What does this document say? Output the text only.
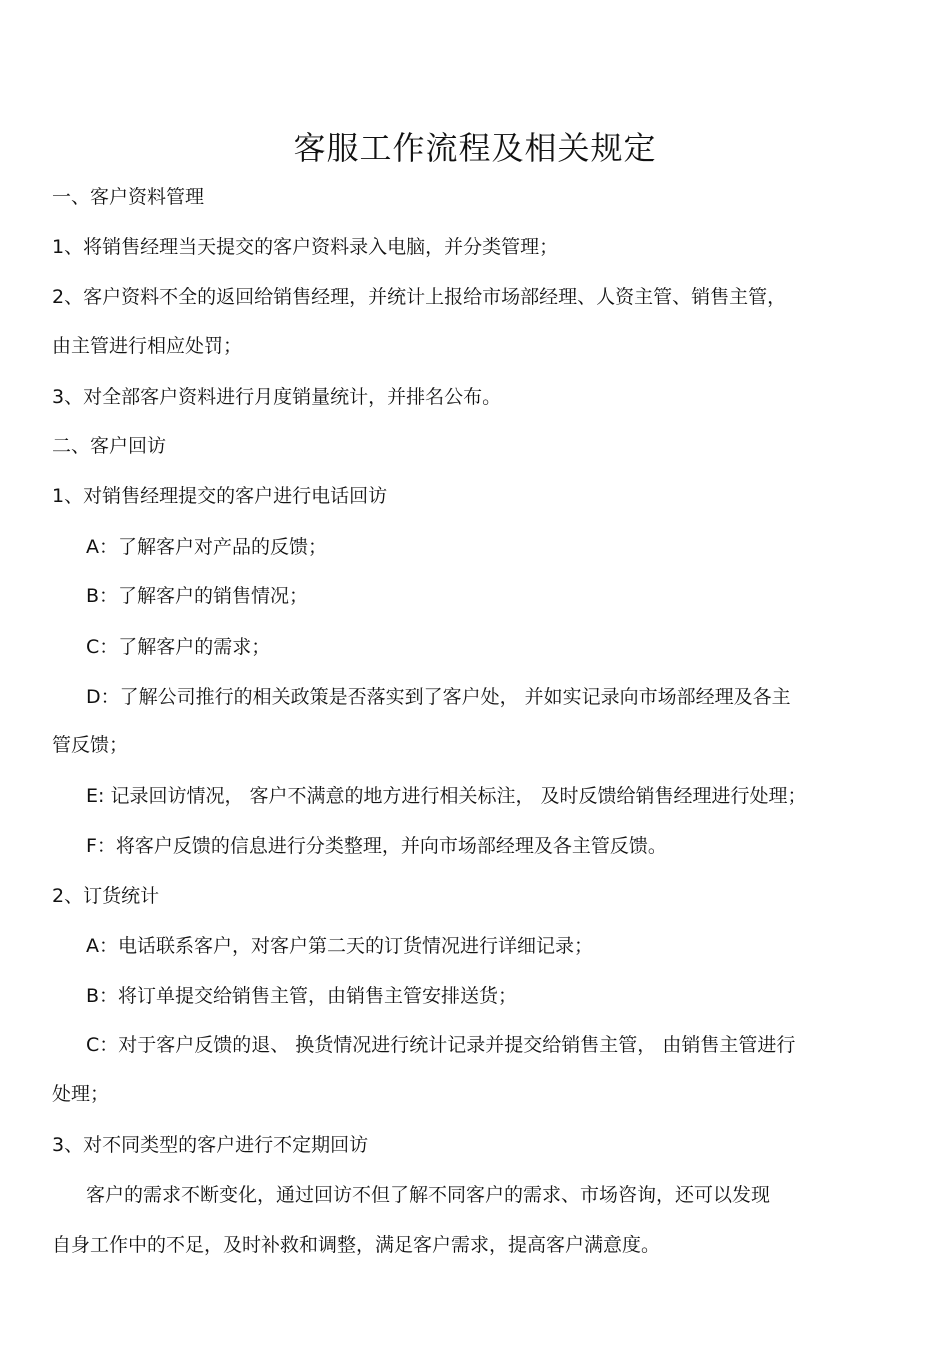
客服工作流程及相关规定
一、客户资料管理
1、将销售经理当天提交的客户资料录入电脑，并分类管理；
2、客户资料不全的返回给销售经理，并统计上报给市场部经理、人资主管、销售主管，
由主管进行相应处罚；
3、对全部客户资料进行月度销量统计，并排名公布。
二、客户回访
1、对销售经理提交的客户进行电话回访
A：了解客户对产品的反馈；
B：了解客户的销售情况；
C：了解客户的需求；
D：了解公司推行的相关政策是否落实到了客户处， 并如实记录向市场部经理及各主
管反馈；
E: 记录回访情况， 客户不满意的地方进行相关标注， 及时反馈给销售经理进行处理；
F：将客户反馈的信息进行分类整理，并向市场部经理及各主管反馈。
2、订货统计
A：电话联系客户，对客户第二天的订货情况进行详细记录；
B：将订单提交给销售主管，由销售主管安排送货；
C：对于客户反馈的退、 换货情况进行统计记录并提交给销售主管， 由销售主管进行
处理；
3、对不同类型的客户进行不定期回访
客户的需求不断变化，通过回访不但了解不同客户的需求、市场咨询，还可以发现
自身工作中的不足，及时补救和调整，满足客户需求，提高客户满意度。
